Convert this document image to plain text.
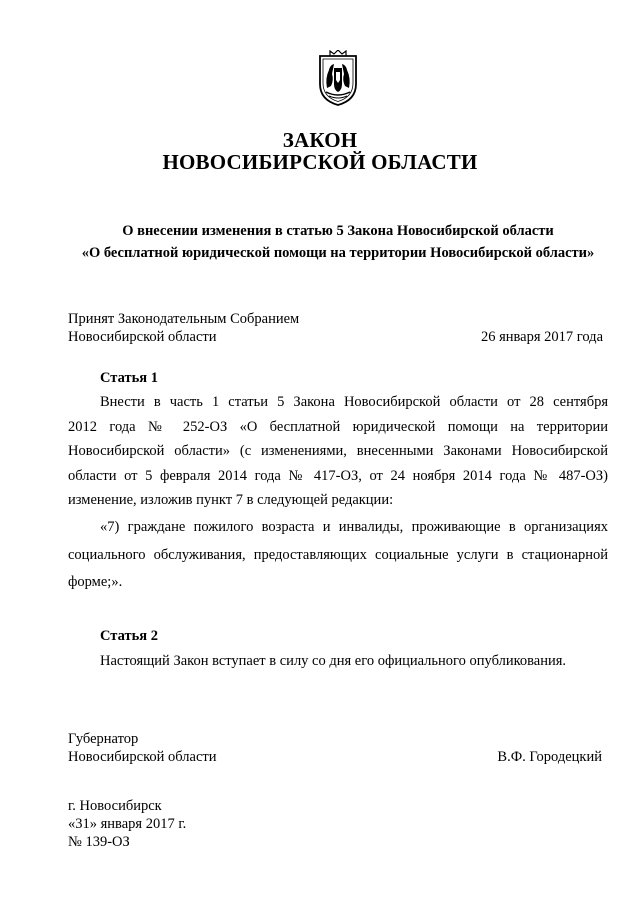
ЗАКОН
НОВОСИБИРСКОЙ ОБЛАСТИ
О внесении изменения в статью 5 Закона Новосибирской области
«О бесплатной юридической помощи на территории Новосибирской области»
Принят Законодательным Собранием
Новосибирской области	26 января 2017 года
Статья 1
Внести в часть 1 статьи 5 Закона Новосибирской области от 28 сентября
2012 года № 252-ОЗ «О бесплатной юридической помощи на территории
Новосибирской области» (с изменениями, внесенными Законами Новосибирской
области от 5 февраля 2014 года № 417-ОЗ, от 24 ноября 2014 года № 487-ОЗ)
изменение, изложив пункт 7 в следующей редакции:
«7) граждане пожилого возраста и инвалиды, проживающие в организациях
социального обслуживания, предоставляющих социальные услуги в стационарной
форме;».
Статья 2
Настоящий Закон вступает в силу со дня его официального опубликования.
Губернатор
Новосибирской области	В.Ф. Городецкий
г. Новосибирск
«31» января 2017 г.
№ 139-ОЗ
